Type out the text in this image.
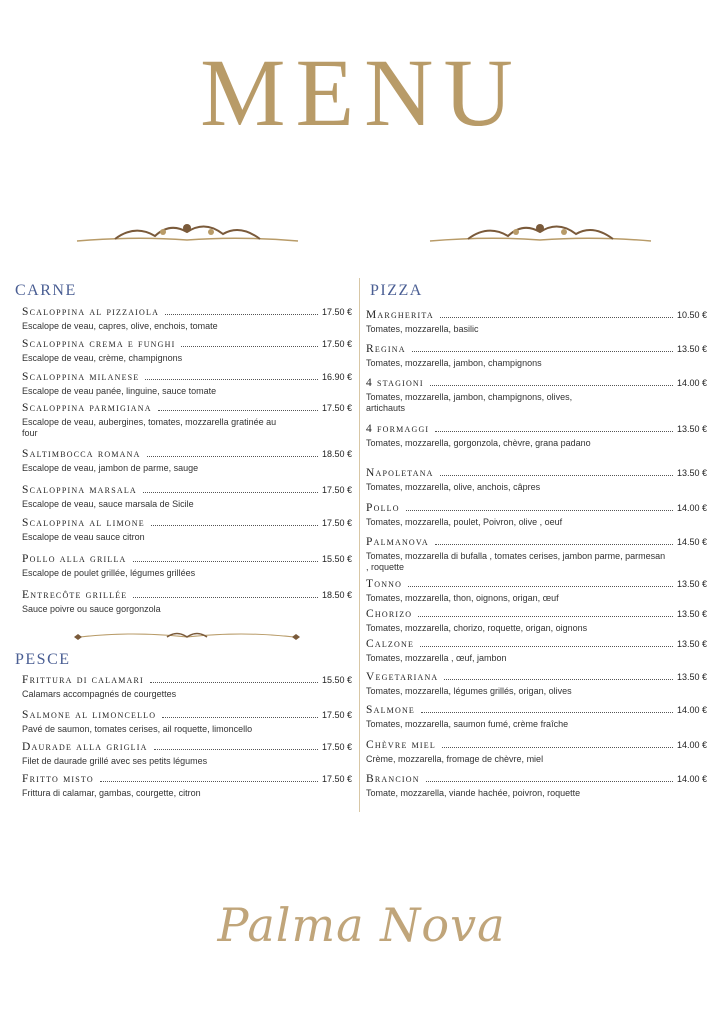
MENU
CARNE
Scaloppina al pizzaiola	17.50 €
Escalope de veau, capres, olive, enchois, tomate
Scaloppina crema e funghi	17.50 €
Escalope de veau, crème, champignons
Scaloppina milanese	16.90 €
Escalope de veau panée, linguine, sauce tomate
Scaloppina parmigiana	17.50 €
Escalope de veau, aubergines, tomates, mozzarella gratinée au four
Saltimbocca romana	18.50 €
Escalope de veau, jambon de parme, sauge
Scaloppina marsala	17.50 €
Escalope de veau, sauce marsala de Sicile
Scaloppina al limone	17.50 €
Escalope de veau sauce citron
Pollo alla grilla	15.50 €
Escalope de poulet grillée, légumes grillées
Entrecôte grillée	18.50 €
Sauce poivre ou sauce gorgonzola
PESCE
Frittura di calamari	15.50 €
Calamars accompagnés de courgettes
Salmone al limoncello	17.50 €
Pavé de saumon, tomates cerises, ail roquette, limoncello
Daurade alla griglia	17.50 €
Filet de daurade grillé avec ses petits légumes
Fritto misto	17.50 €
Frittura di calamar, gambas, courgette, citron
PIZZA
Margherita	10.50 €
Tomates, mozzarella, basilic
Regina	13.50 €
Tomates, mozzarella, jambon, champignons
4 stagioni	14.00 €
Tomates, mozzarella, jambon, champignons, olives, artichauts
4 formaggi	13.50 €
Tomates, mozzarella, gorgonzola, chèvre, grana padano
Napoletana	13.50 €
Tomates, mozzarella, olive, anchois, câpres
Pollo	14.00 €
Tomates, mozzarella, poulet, Poivron, olive , oeuf
Palmanova	14.50 €
Tomates, mozzarella di bufalla , tomates cerises, jambon parme, parmesan , roquette
Tonno	13.50 €
Tomates, mozzarella, thon, oignons, origan, œuf
Chorizo	13.50 €
Tomates, mozzarella, chorizo, roquette, origan, oignons
Calzone	13.50 €
Tomates, mozzarella , œuf, jambon
Vegetariana	13.50 €
Tomates, mozzarella, légumes grillés, origan, olives
Salmone	14.00 €
Tomates, mozzarella, saumon fumé, crème fraîche
Chèvre miel	14.00 €
Crème, mozzarella, fromage de chèvre, miel
Brancion	14.00 €
Tomate, mozzarella, viande hachée, poivron, roquette
Palma Nova
